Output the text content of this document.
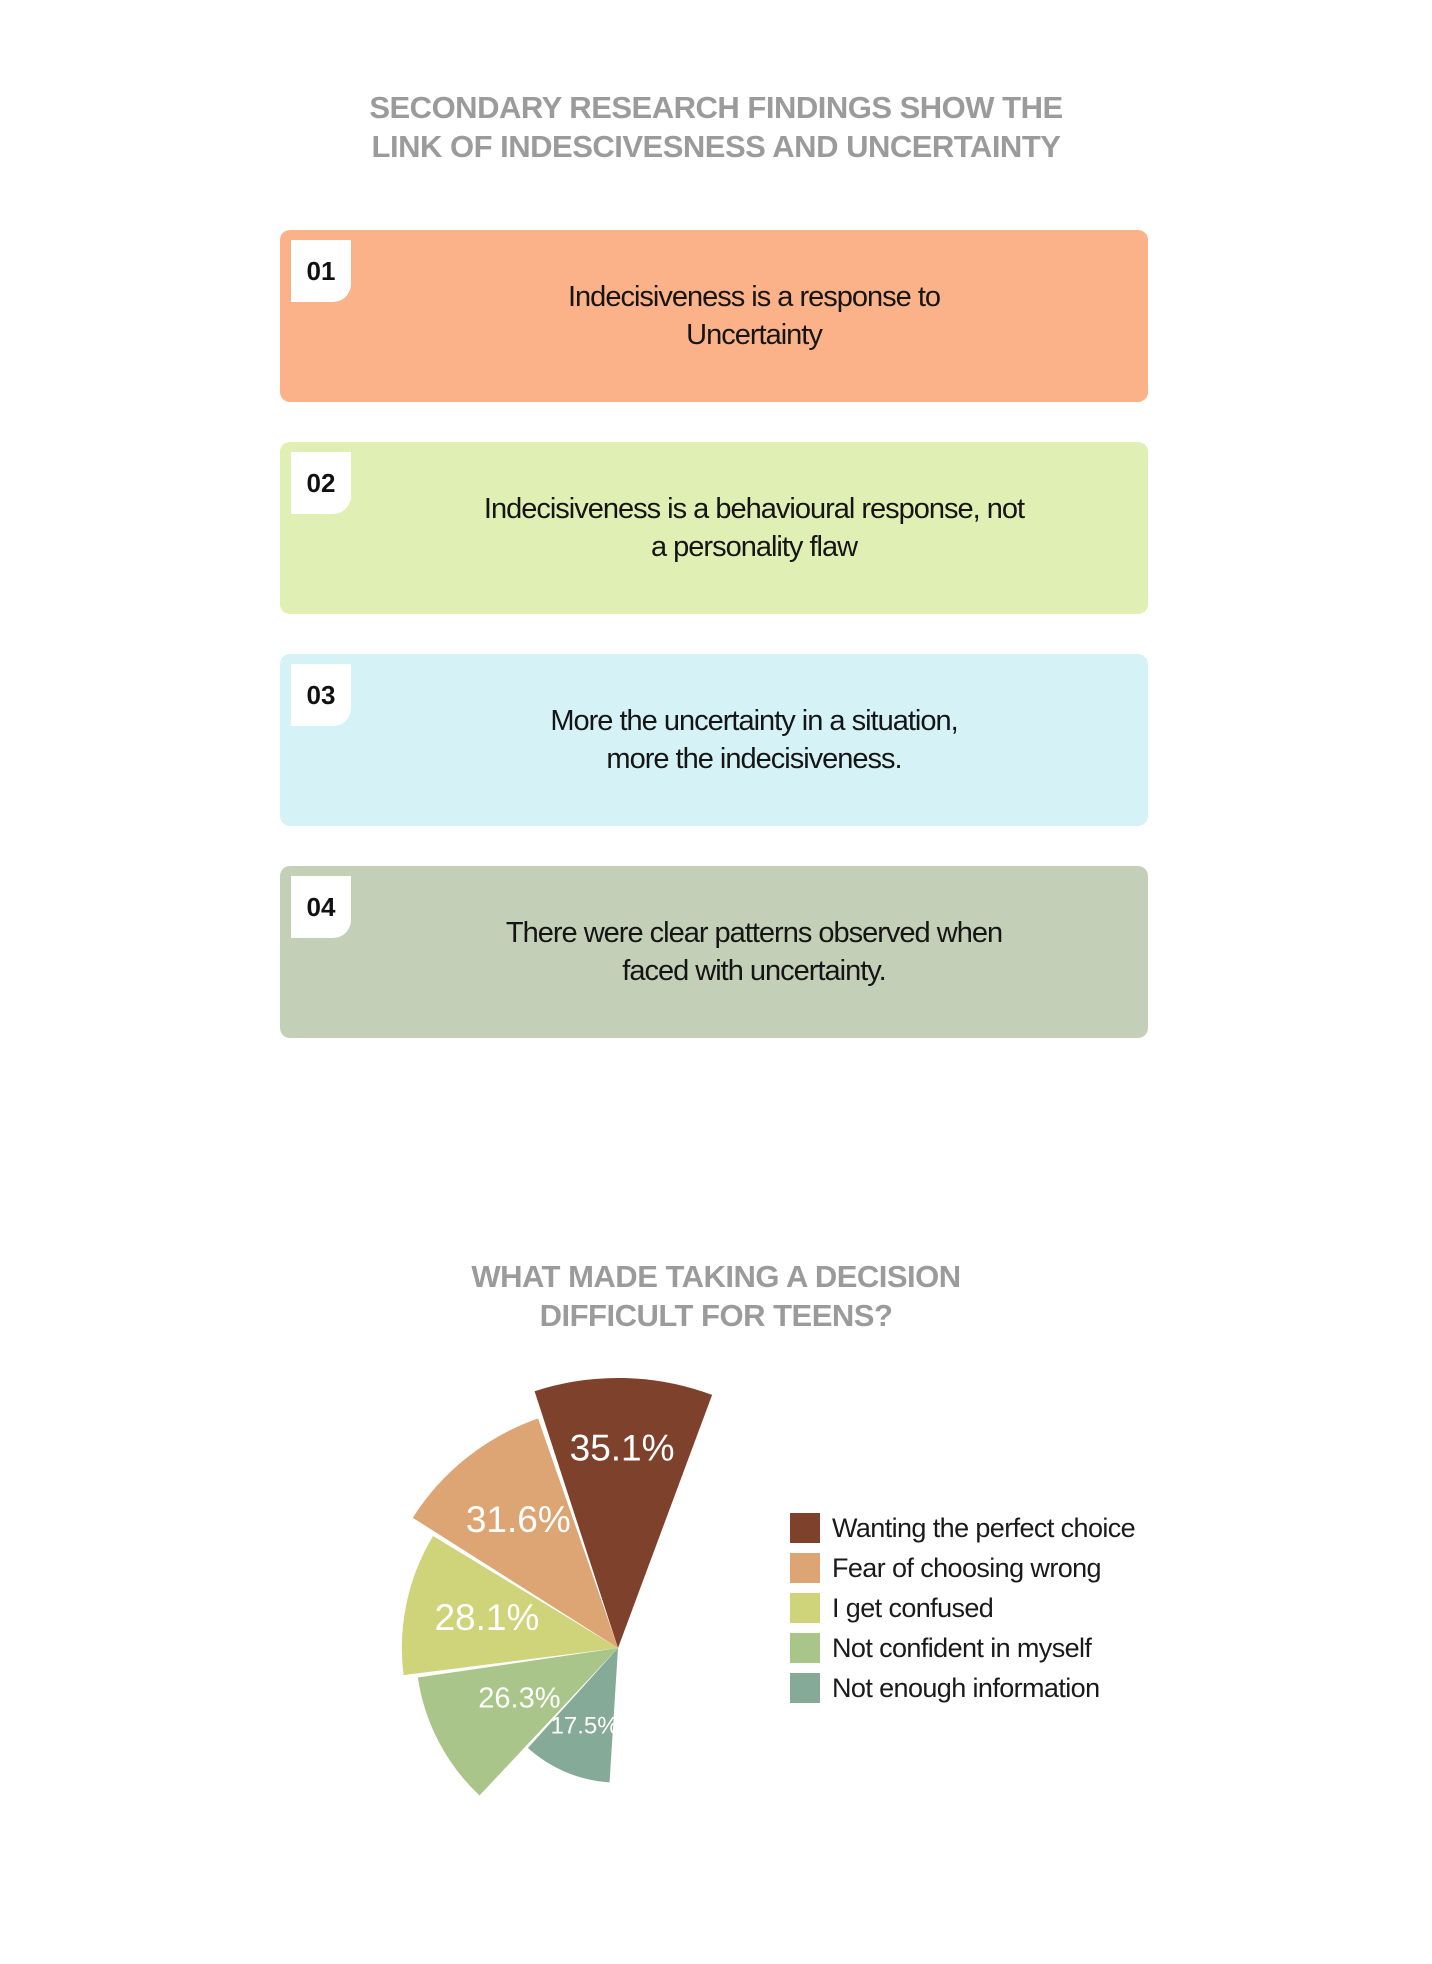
SECONDARY RESEARCH FINDINGS SHOW THE
LINK OF INDESCIVESNESS AND UNCERTAINTY
01
Indecisiveness is a response to
Uncertainty
02
Indecisiveness is a behavioural response, not
a personality flaw
03
More the uncertainty in a situation,
more the indecisiveness.
04
There were clear patterns observed when
faced with uncertainty.
WHAT MADE TAKING A DECISION
DIFFICULT FOR TEENS?
35.1%
31.6%
28.1%
26.3%
17.5%
Wanting the perfect choice
Fear of choosing wrong
I get confused
Not confident in myself
Not enough information
